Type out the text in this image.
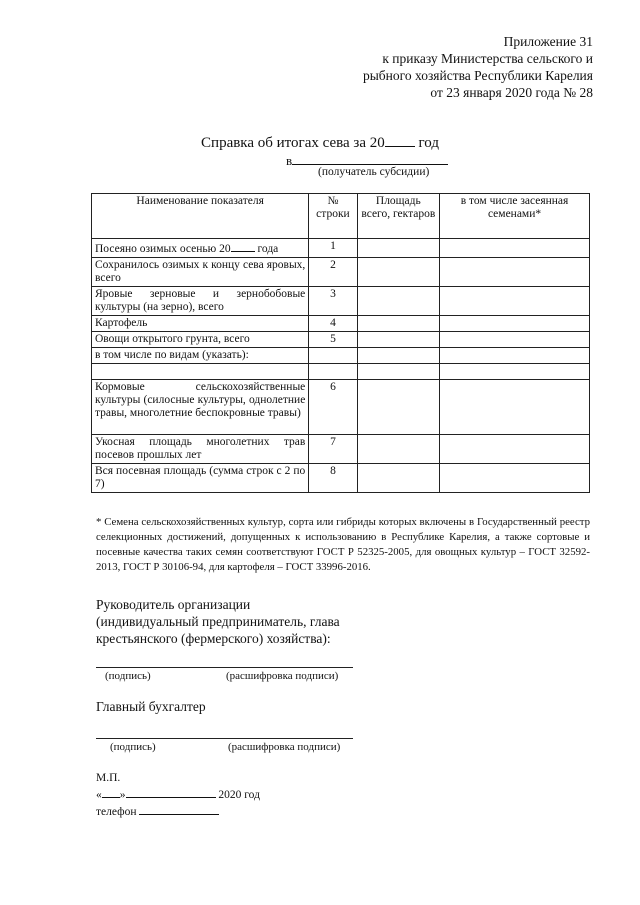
Приложение 31
к приказу Министерства сельского и
рыбного хозяйства Республики Карелия
от 23 января 2020 года № 28
Справка об итогах сева за 20 год
в
(получатель субсидии)
Наименование показателя	№ строки	Площадь всего, гектаров	в том числе засеянная семенами*
Посеяно озимых осенью 20 года	1		
Сохранилось озимых к концу сева яровых, всего	2		
Яровые зерновые и зернобобовые культуры (на зерно), всего	3		
Картофель	4		
Овощи открытого грунта, всего	5		
в том числе по видам (указать):			

Кормовые сельскохозяйственные культуры (силосные культуры, однолетние травы, многолетние беспокровные травы)	6		
Укосная площадь многолетних трав посевов прошлых лет	7		
Вся посевная площадь (сумма строк с 2 по 7)	8		
* Семена сельскохозяйственных культур, сорта или гибриды которых включены в Государственный реестр селекционных достижений, допущенных к использованию в Республике Карелия, а также сортовые и посевные качества таких семян соответствуют ГОСТ Р 52325-2005, для овощных культур – ГОСТ 32592-2013, ГОСТ Р 30106-94, для картофеля – ГОСТ 33996-2016.
Руководитель организации
(индивидуальный предприниматель, глава
крестьянского (фермерского) хозяйства):
(подпись)	(расшифровка подписи)
Главный бухгалтер
(подпись)	(расшифровка подписи)
М.П.
« »	2020 год
телефон
